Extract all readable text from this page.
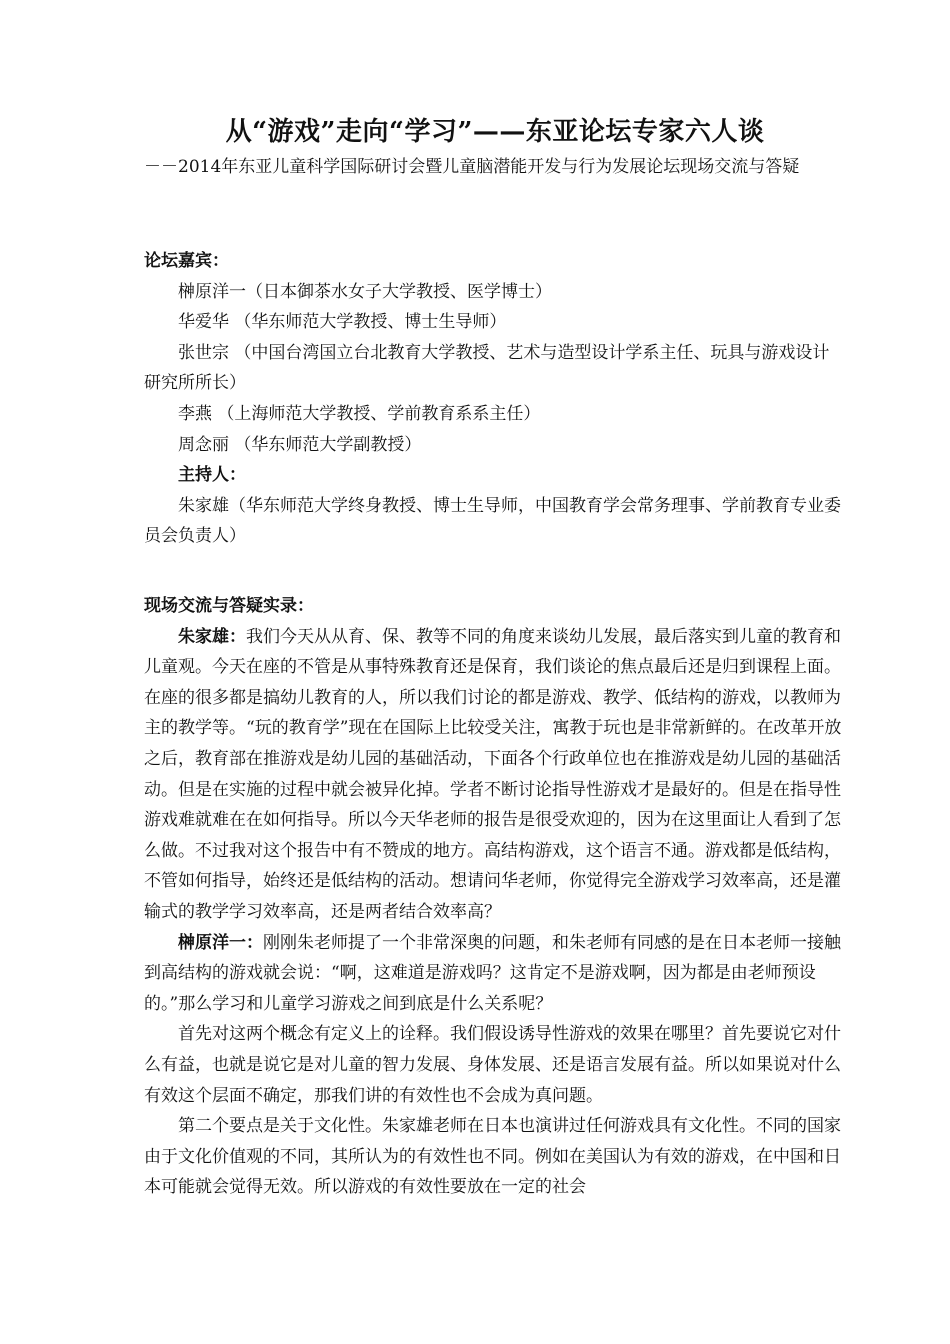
从“游戏”走向“学习”——东亚论坛专家六人谈
－－2014年东亚儿童科学国际研讨会暨儿童脑潜能开发与行为发展论坛现场交流与答疑

论坛嘉宾：

榊原洋一（日本御茶水女子大学教授、医学博士）

华爱华 （华东师范大学教授、博士生导师）

张世宗 （中国台湾国立台北教育大学教授、艺术与造型设计学系主任、玩具与游戏设计研究所所长）

李燕 （上海师范大学教授、学前教育系系主任）

周念丽 （华东师范大学副教授）

主持人：

朱家雄（华东师范大学终身教授、博士生导师，中国教育学会常务理事、学前教育专业委员会负责人）

现场交流与答疑实录：

朱家雄：我们今天从从育、保、教等不同的角度来谈幼儿发展，最后落实到儿童的教育和儿童观。今天在座的不管是从事特殊教育还是保育，我们谈论的焦点最后还是归到课程上面。在座的很多都是搞幼儿教育的人，所以我们讨论的都是游戏、教学、低结构的游戏，以教师为主的教学等。“玩的教育学”现在在国际上比较受关注，寓教于玩也是非常新鲜的。在改革开放之后，教育部在推游戏是幼儿园的基础活动，下面各个行政单位也在推游戏是幼儿园的基础活动。但是在实施的过程中就会被异化掉。学者不断讨论指导性游戏才是最好的。但是在指导性游戏难就难在在如何指导。所以今天华老师的报告是很受欢迎的，因为在这里面让人看到了怎么做。不过我对这个报告中有不赞成的地方。高结构游戏，这个语言不通。游戏都是低结构，不管如何指导，始终还是低结构的活动。想请问华老师，你觉得完全游戏学习效率高，还是灌输式的教学学习效率高，还是两者结合效率高？

榊原洋一：刚刚朱老师提了一个非常深奥的问题，和朱老师有同感的是在日本老师一接触到高结构的游戏就会说：“啊，这难道是游戏吗？这肯定不是游戏啊，因为都是由老师预设的。”那么学习和儿童学习游戏之间到底是什么关系呢？

首先对这两个概念有定义上的诠释。我们假设诱导性游戏的效果在哪里？首先要说它对什么有益，也就是说它是对儿童的智力发展、身体发展、还是语言发展有益。所以如果说对什么有效这个层面不确定，那我们讲的有效性也不会成为真问题。

第二个要点是关于文化性。朱家雄老师在日本也演讲过任何游戏具有文化性。不同的国家由于文化价值观的不同，其所认为的有效性也不同。例如在美国认为有效的游戏，在中国和日本可能就会觉得无效。所以游戏的有效性要放在一定的社会
